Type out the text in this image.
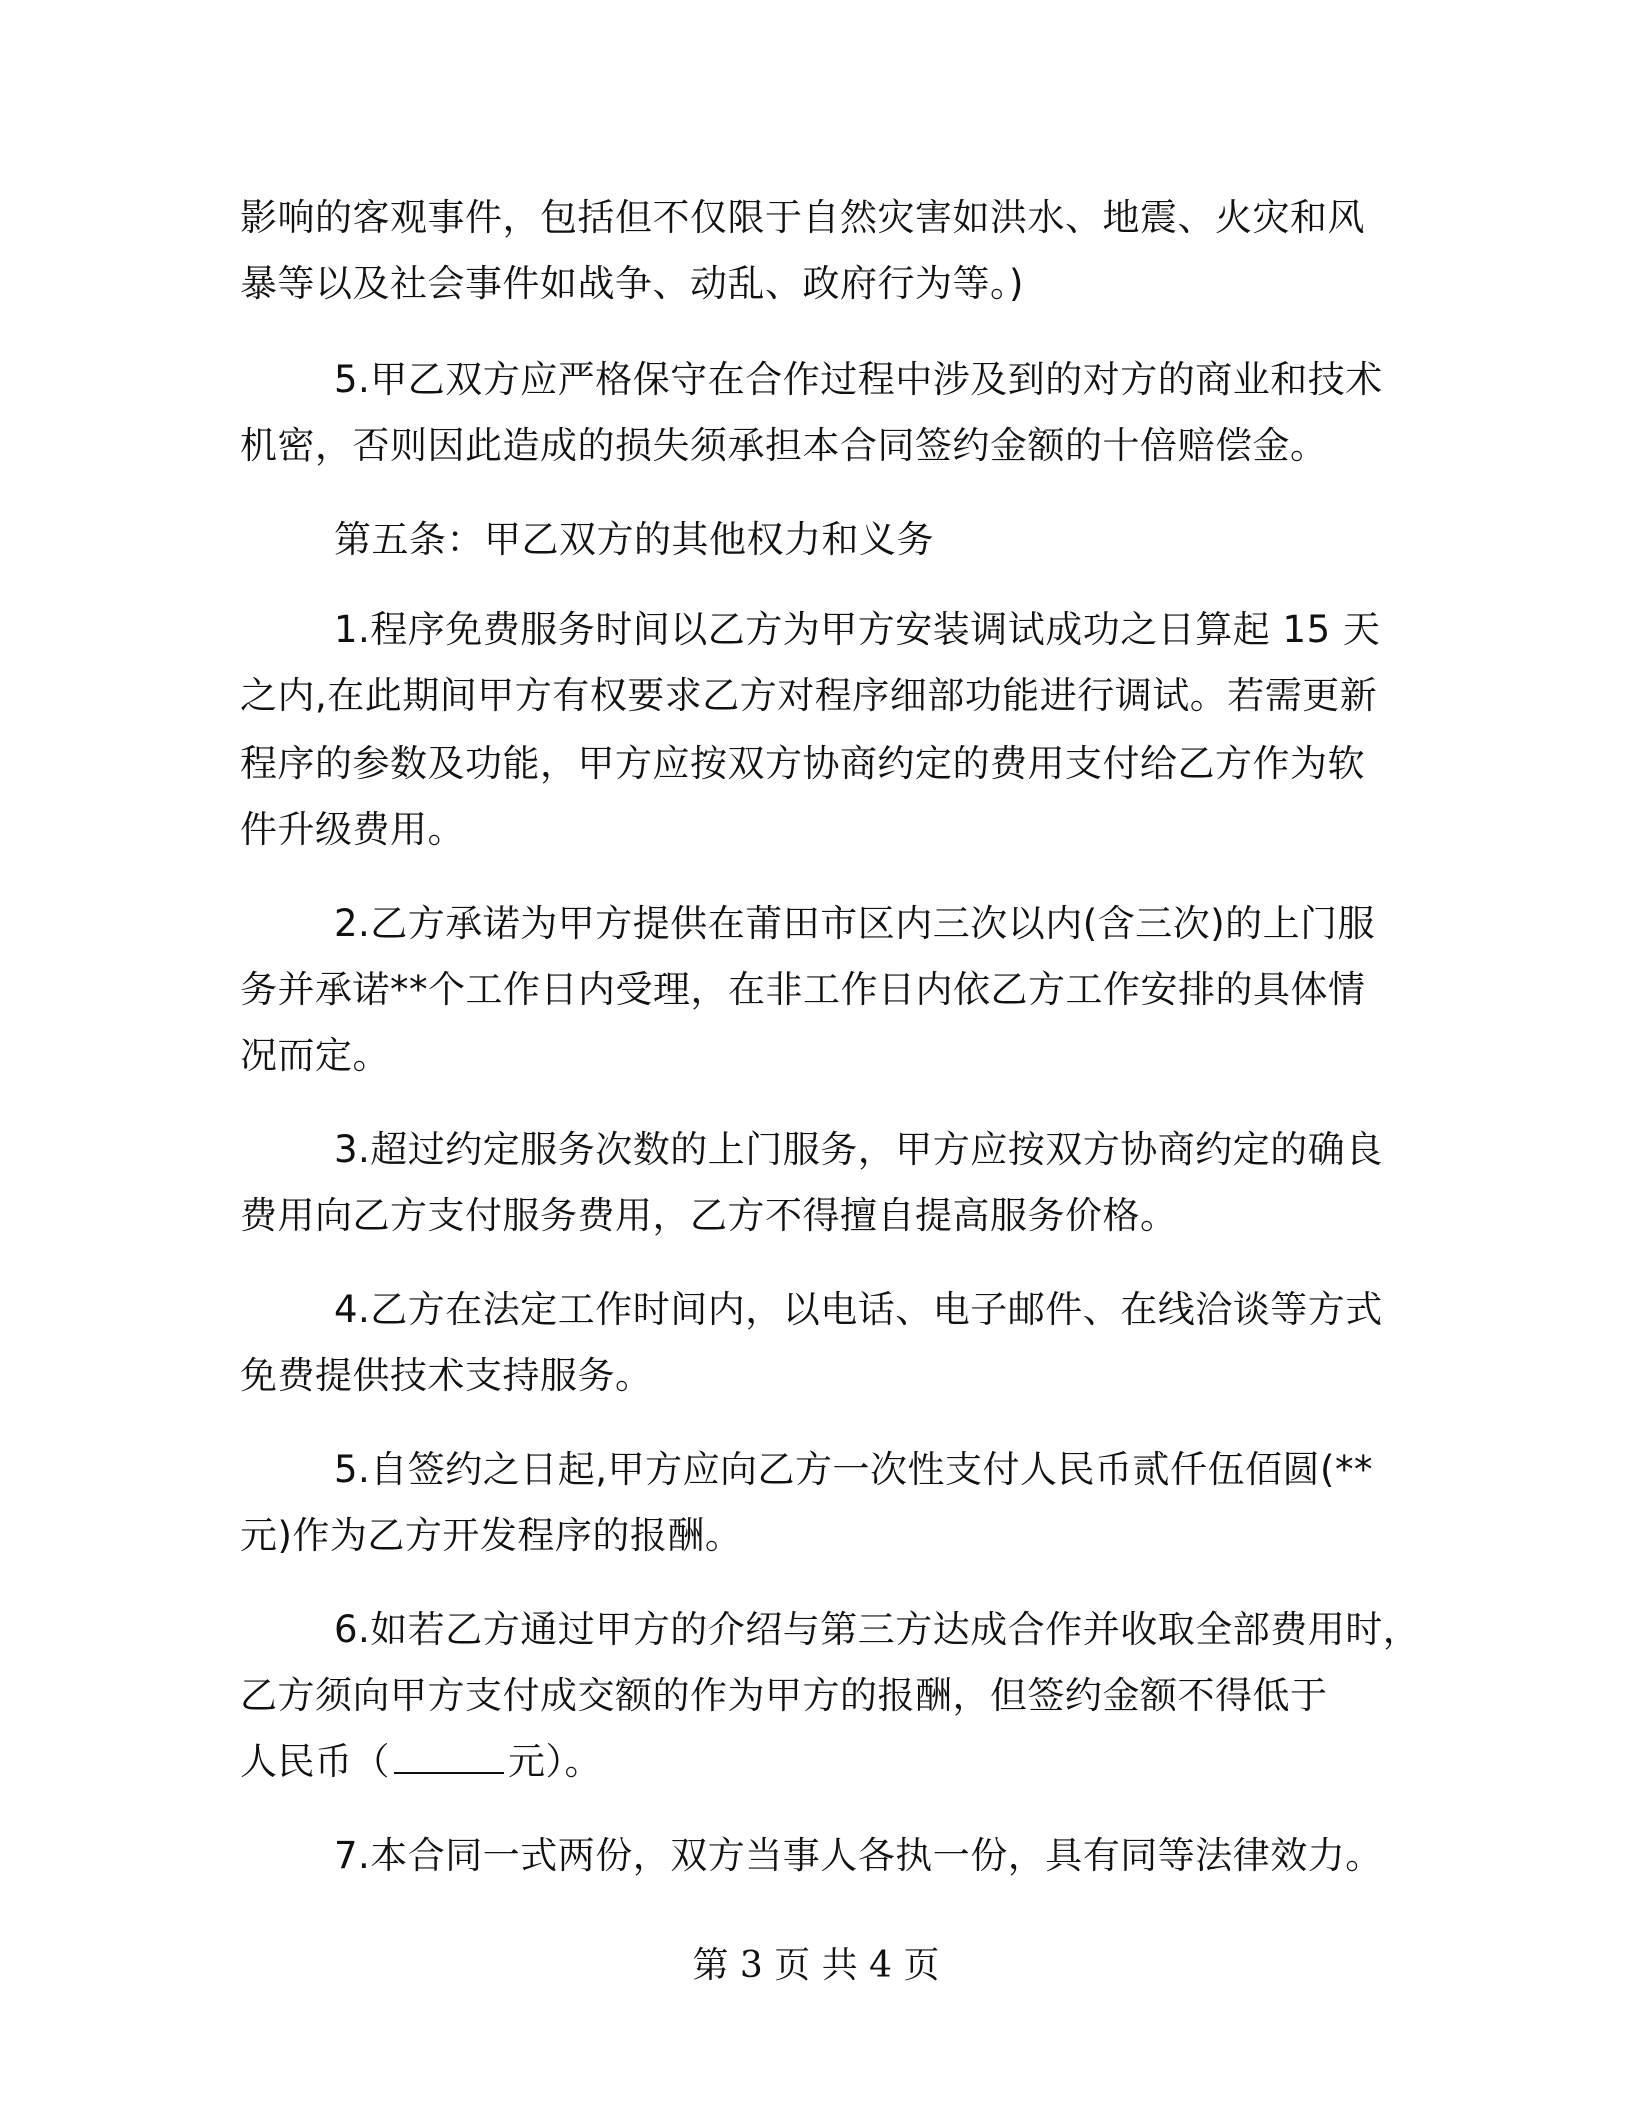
影响的客观事件，包括但不仅限于自然灾害如洪水、地震、火灾和风
暴等以及社会事件如战争、动乱、政府行为等。)
5.甲乙双方应严格保守在合作过程中涉及到的对方的商业和技术
机密，否则因此造成的损失须承担本合同签约金额的十倍赔偿金。
第五条：甲乙双方的其他权力和义务
1.程序免费服务时间以乙方为甲方安装调试成功之日算起 15 天
之内,在此期间甲方有权要求乙方对程序细部功能进行调试。若需更新
程序的参数及功能，甲方应按双方协商约定的费用支付给乙方作为软
件升级费用。
2.乙方承诺为甲方提供在莆田市区内三次以内(含三次)的上门服
务并承诺**个工作日内受理，在非工作日内依乙方工作安排的具体情
况而定。
3.超过约定服务次数的上门服务，甲方应按双方协商约定的确良
费用向乙方支付服务费用，乙方不得擅自提高服务价格。
4.乙方在法定工作时间内，以电话、电子邮件、在线洽谈等方式
免费提供技术支持服务。
5.自签约之日起,甲方应向乙方一次性支付人民币贰仟伍佰圆(**
元)作为乙方开发程序的报酬。
6.如若乙方通过甲方的介绍与第三方达成合作并收取全部费用时，
乙方须向甲方支付成交额的作为甲方的报酬，但签约金额不得低于
人民币（	元）。
7.本合同一式两份，双方当事人各执一份，具有同等法律效力。
第 3 页 共 4 页
